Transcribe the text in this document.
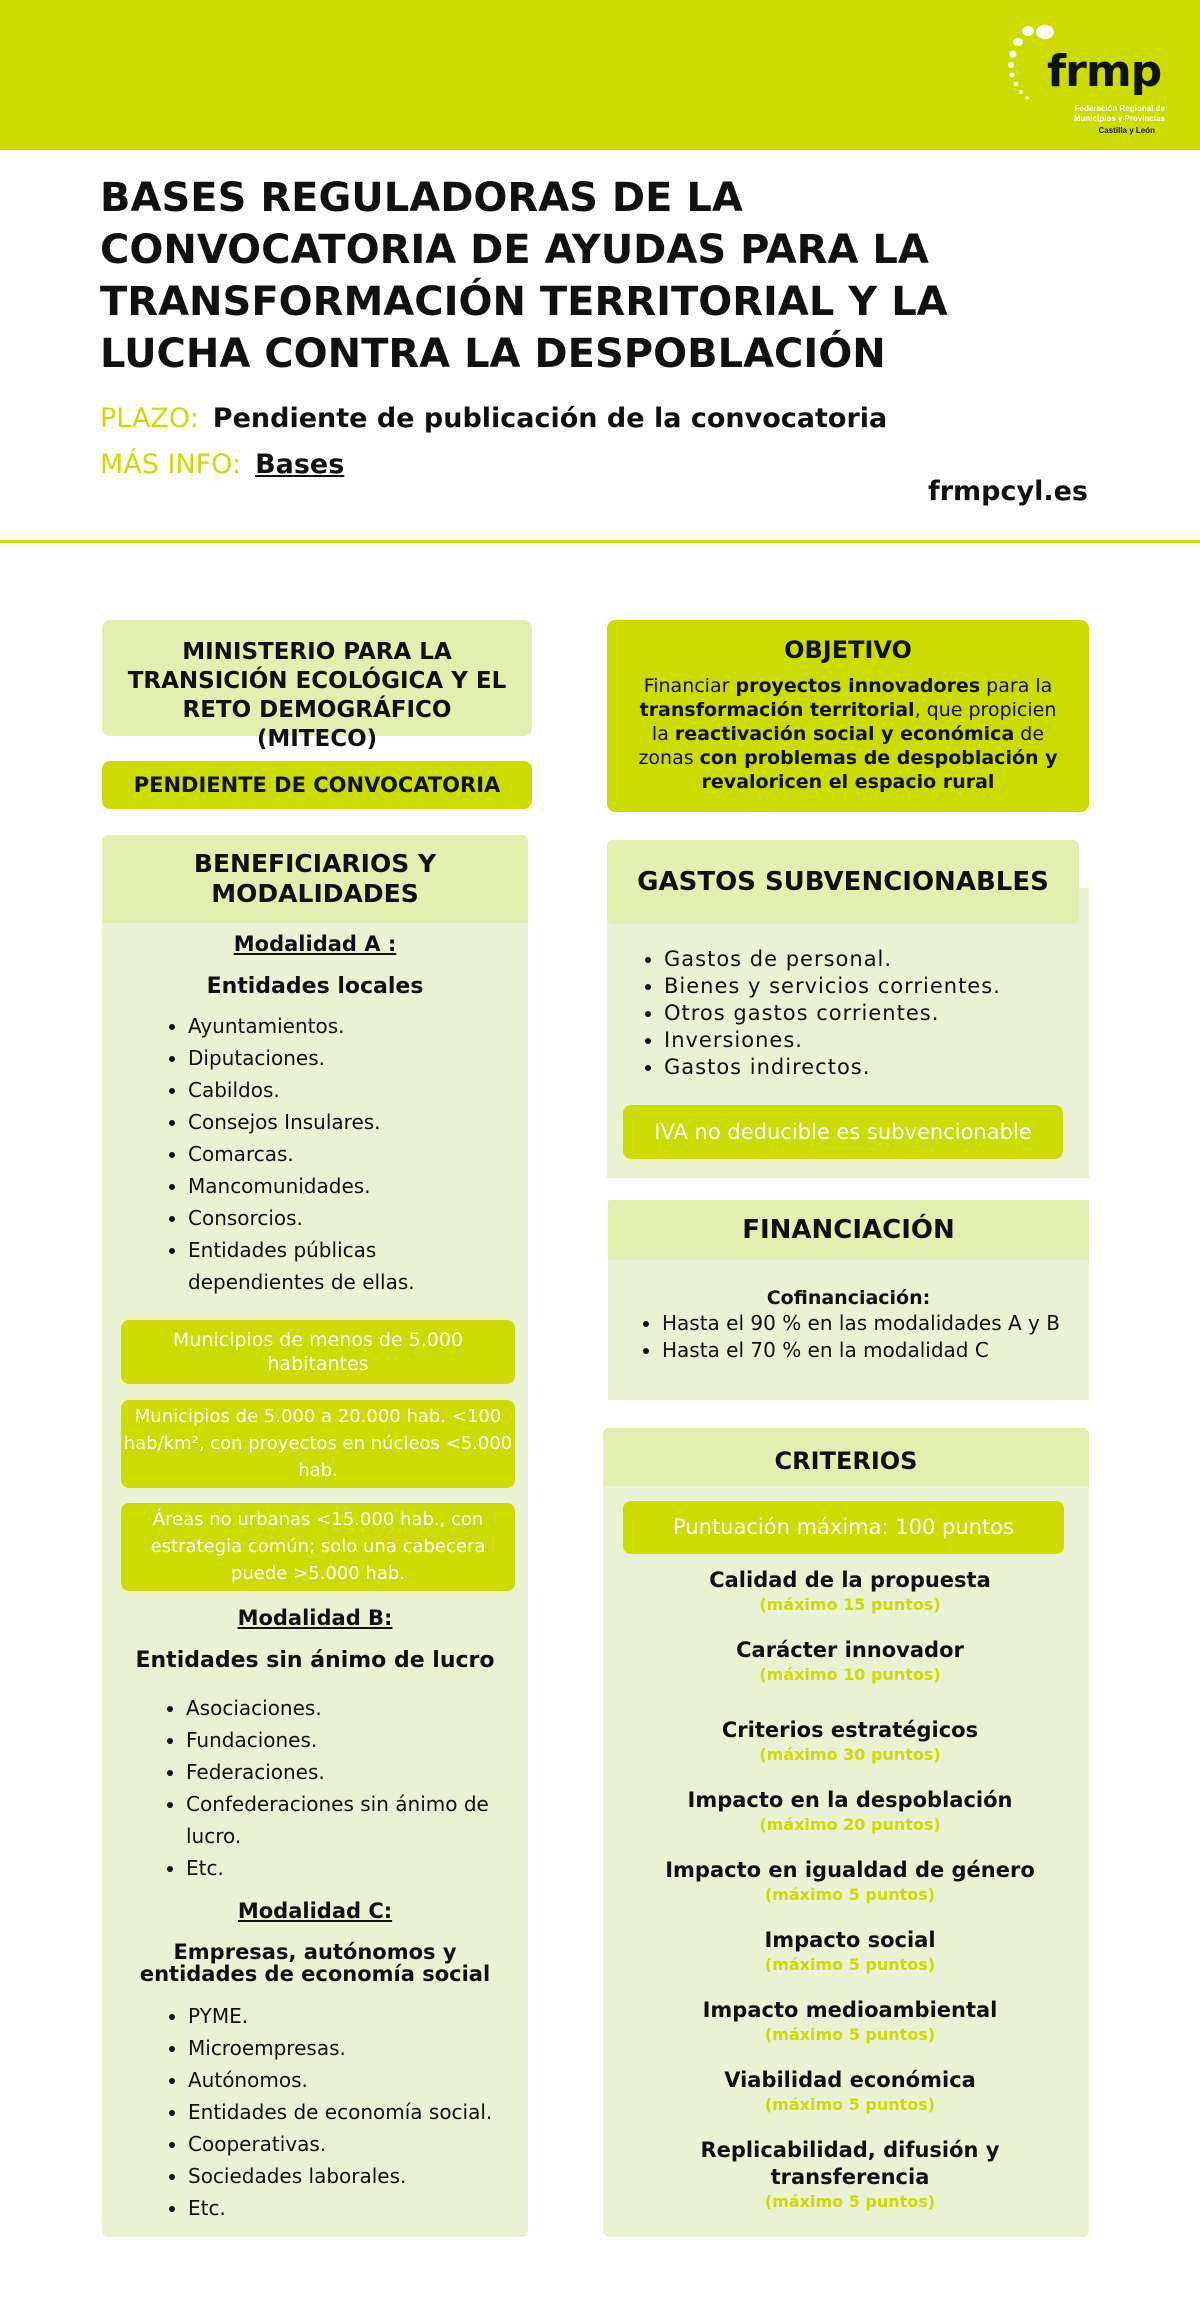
frmp
Federación Regional de Municipios y Provincias
Castilla y León
BASES REGULADORAS DE LA CONVOCATORIA DE AYUDAS PARA LA TRANSFORMACIÓN TERRITORIAL Y LA LUCHA CONTRA LA DESPOBLACIÓN
PLAZO: Pendiente de publicación de la convocatoria
MÁS INFO: Bases
frmpcyl.es
MINISTERIO PARA LA TRANSICIÓN ECOLÓGICA Y EL RETO DEMOGRÁFICO (MITECO)
PENDIENTE DE CONVOCATORIA
BENEFICIARIOS Y MODALIDADES
Modalidad A :
Entidades locales
• Ayuntamientos.
• Diputaciones.
• Cabildos.
• Consejos Insulares.
• Comarcas.
• Mancomunidades.
• Consorcios.
• Entidades públicas dependientes de ellas.
Municipios de menos de 5.000 habitantes
Municipios de 5.000 a 20.000 hab. <100 hab/km², con proyectos en núcleos <5.000 hab.
Áreas no urbanas <15.000 hab., con estrategia común; solo una cabecera puede >5.000 hab.
Modalidad B:
Entidades sin ánimo de lucro
• Asociaciones.
• Fundaciones.
• Federaciones.
• Confederaciones sin ánimo de lucro.
• Etc.
Modalidad C:
Empresas, autónomos y entidades de economía social
• PYME.
• Microempresas.
• Autónomos.
• Entidades de economía social.
• Cooperativas.
• Sociedades laborales.
• Etc.
OBJETIVO
Financiar proyectos innovadores para la transformación territorial, que propicien la reactivación social y económica de zonas con problemas de despoblación y revaloricen el espacio rural
GASTOS SUBVENCIONABLES
• Gastos de personal.
• Bienes y servicios corrientes.
• Otros gastos corrientes.
• Inversiones.
• Gastos indirectos.
IVA no deducible es subvencionable
FINANCIACIÓN
Cofinanciación:
• Hasta el 90 % en las modalidades A y B
• Hasta el 70 % en la modalidad C
CRITERIOS
Puntuación máxima: 100 puntos
Calidad de la propuesta
(máximo 15 puntos)
Carácter innovador
(máximo 10 puntos)
Criterios estratégicos
(máximo 30 puntos)
Impacto en la despoblación
(máximo 20 puntos)
Impacto en igualdad de género
(máximo 5 puntos)
Impacto social
(máximo 5 puntos)
Impacto medioambiental
(máximo 5 puntos)
Viabilidad económica
(máximo 5 puntos)
Replicabilidad, difusión y transferencia
(máximo 5 puntos)
